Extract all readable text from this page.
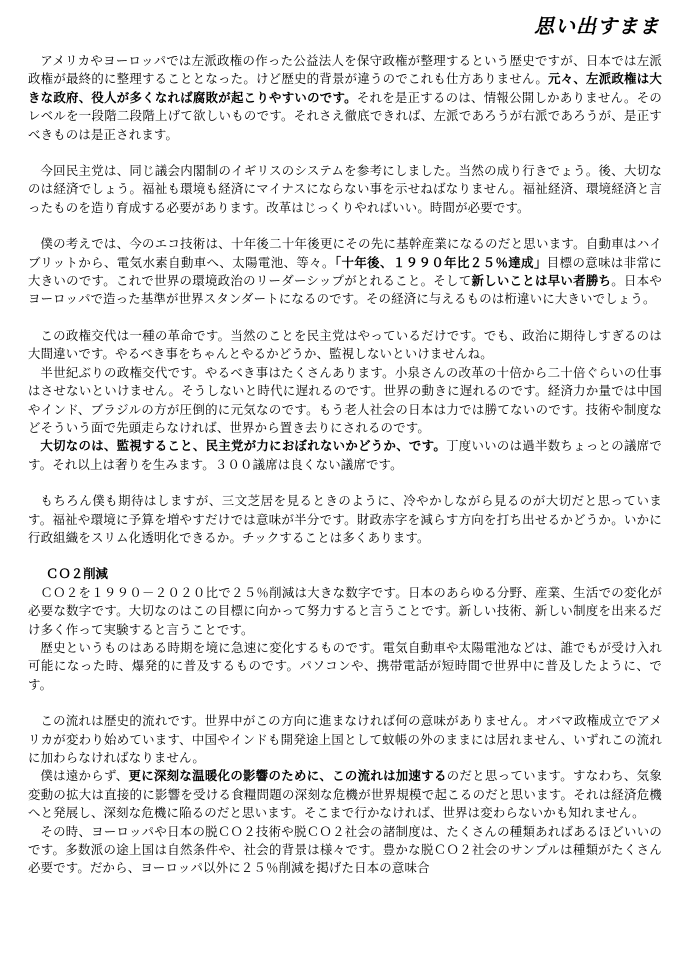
思い出すまま

アメリカやヨーロッパでは左派政権の作った公益法人を保守政権が整理するという歴史ですが、日本では左派政権が最終的に整理することとなった。けど歴史的背景が違うのでこれも仕方ありません。元々、左派政権は大きな政府、役人が多くなれば腐敗が起こりやすいのです。それを是正するのは、情報公開しかありません。そのレベルを一段階二段階上げて欲しいものです。それさえ徹底できれば、左派であろうが右派であろうが、是正すべきものは是正されます。

今回民主党は、同じ議会内閣制のイギリスのシステムを参考にしました。当然の成り行きでょう。後、大切なのは経済でしょう。福祉も環境も経済にマイナスにならない事を示せねばなりません。福祉経済、環境経済と言ったものを造り育成する必要があります。改革はじっくりやればいい。時間が必要です。

僕の考えでは、今のエコ技術は、十年後二十年後更にその先に基幹産業になるのだと思います。自動車はハイブリットから、電気水素自動車へ、太陽電池、等々。「十年後、１９９０年比２５％達成」目標の意味は非常に大きいのです。これで世界の環境政治のリーダーシップがとれること。そして新しいことは早い者勝ち。日本やヨーロッパで造った基準が世界スタンダートになるのです。その経済に与えるものは桁違いに大きいでしょう。

この政権交代は一種の革命です。当然のことを民主党はやっているだけです。でも、政治に期待しすぎるのは大間違いです。やるべき事をちゃんとやるかどうか、監視しないといけませんね。

半世紀ぶりの政権交代です。やるべき事はたくさんあります。小泉さんの改革の十倍から二十倍ぐらいの仕事はさせないといけません。そうしないと時代に遅れるのです。世界の動きに遅れるのです。経済力か量では中国やインド、ブラジルの方が圧倒的に元気なのです。もう老人社会の日本は力では勝てないのです。技術や制度などそういう面で先頭走らなければ、世界から置き去りにされるのです。

大切なのは、監視すること、民主党が力におぼれないかどうか、です。丁度いいのは過半数ちょっとの議席です。それ以上は奢りを生みます。３００議席は良くない議席です。

もちろん僕も期待はしますが、三文芝居を見るときのように、冷やかしながら見るのが大切だと思っています。福祉や環境に予算を増やすだけでは意味が半分です。財政赤字を減らす方向を打ち出せるかどうか。いかに行政組織をスリム化透明化できるか。チックすることは多くあります。

ＣＯ２削減

ＣＯ２を１９９０－２０２０比で２５％削減は大きな数字です。日本のあらゆる分野、産業、生活での変化が必要な数字です。大切なのはこの目標に向かって努力すると言うことです。新しい技術、新しい制度を出来るだけ多く作って実験すると言うことです。

歴史というものはある時期を境に急速に変化するものです。電気自動車や太陽電池などは、誰でもが受け入れ可能になった時、爆発的に普及するものです。パソコンや、携帯電話が短時間で世界中に普及したように、です。

この流れは歴史的流れです。世界中がこの方向に進まなければ何の意味がありません。オバマ政権成立でアメリカが変わり始めています、中国やインドも開発途上国として蚊帳の外のままには居れません、いずれこの流れに加わらなければなりません。

僕は遠からず、更に深刻な温暖化の影響のために、この流れは加速するのだと思っています。すなわち、気象変動の拡大は直接的に影響を受ける食糧問題の深刻な危機が世界規模で起こるのだと思います。それは経済危機へと発展し、深刻な危機に陥るのだと思います。そこまで行かなければ、世界は変わらないかも知れません。

その時、ヨーロッパや日本の脱ＣＯ２技術や脱ＣＯ２社会の諸制度は、たくさんの種類あればあるほどいいのです。多数派の途上国は自然条件や、社会的背景は様々です。豊かな脱ＣＯ２社会のサンプルは種類がたくさん必要です。だから、ヨーロッパ以外に２５％削減を掲げた日本の意味合
